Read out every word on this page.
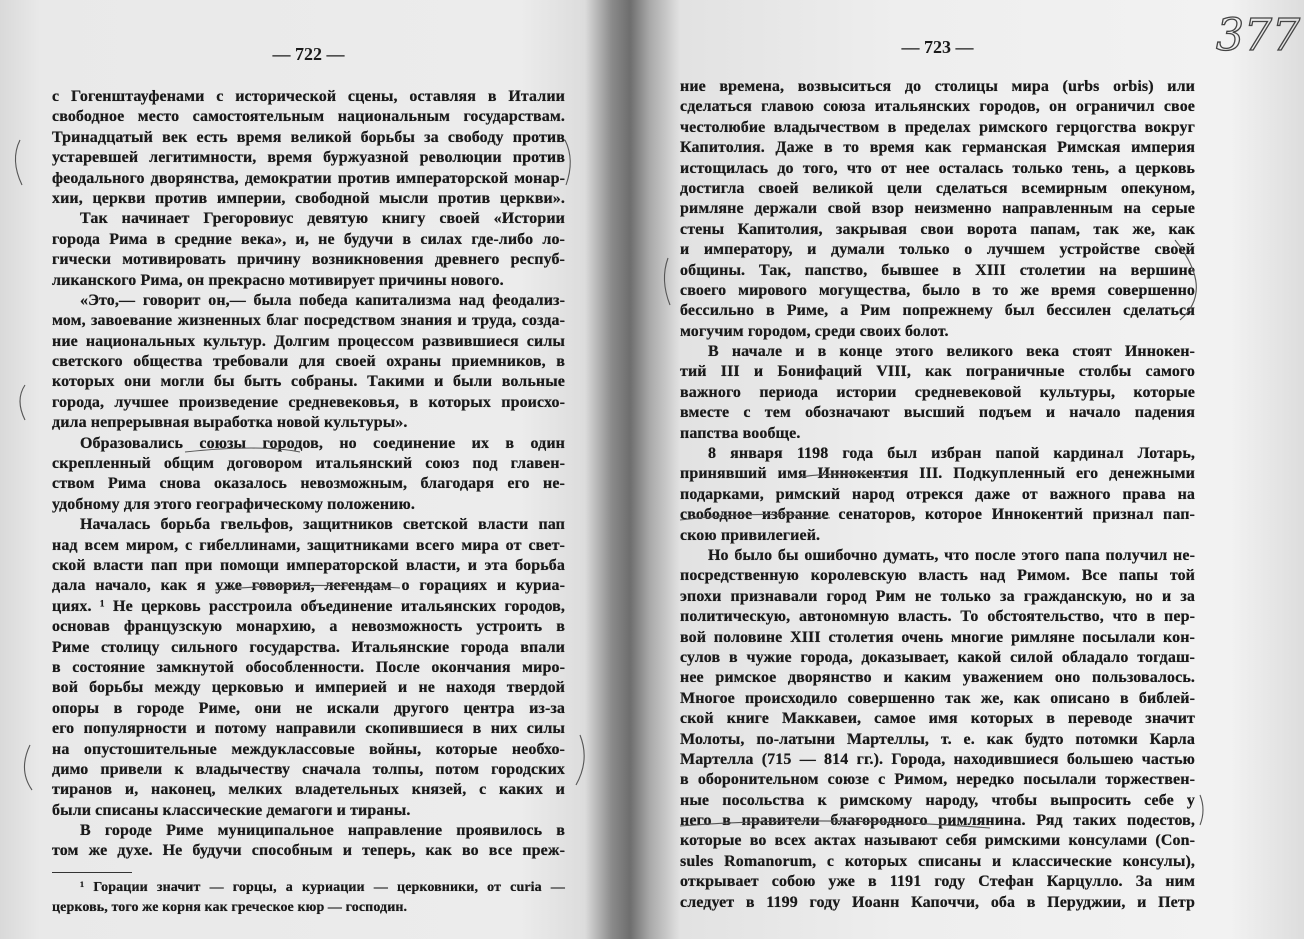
— 722 —
с Гогенштауфенами с исторической сцены, оставляя в Италии
свободное место самостоятельным национальным государствам.
Тринадцатый век есть время великой борьбы за свободу против
устаревшей легитимности, время буржуазной революции против
феодального дворянства, демократии против императорской монар-
хии, церкви против империи, свободной мысли против церкви».
Так начинает Грегоровиус девятую книгу своей «Истории
города Рима в средние века», и, не будучи в силах где-либо ло-
гически мотивировать причину возникновения древнего респуб-
ликанского Рима, он прекрасно мотивирует причины нового.
«Это,— говорит он,— была победа капитализма над феодализ-
мом, завоевание жизненных благ посредством знания и труда, созда-
ние национальных культур. Долгим процессом развившиеся силы
светского общества требовали для своей охраны приемников, в
которых они могли бы быть собраны. Такими и были вольные
города, лучшее произведение средневековья, в которых происхо-
дила непрерывная выработка новой культуры».
Образовались союзы городов, но соединение их в один
скрепленный общим договором итальянский союз под главен-
ством Рима снова оказалось невозможным, благодаря его не-
удобному для этого географическому положению.
Началась борьба гвельфов, защитников светской власти пап
над всем миром, с гибеллинами, защитниками всего мира от свет-
ской власти пап при помощи императорской власти, и эта борьба
дала начало, как я уже говорил, легендам о горациях и куриа-
циях. ¹ Не церковь расстроила объединение итальянских городов,
основав французскую монархию, а невозможность устроить в
Риме столицу сильного государства. Итальянские города впали
в состояние замкнутой обособленности. После окончания миро-
вой борьбы между церковью и империей и не находя твердой
опоры в городе Риме, они не искали другого центра из-за
его популярности и потому направили скопившиеся в них силы
на опустошительные междуклассовые войны, которые необхо-
димо привели к владычеству сначала толпы, потом городских
тиранов и, наконец, мелких владетельных князей, с каких и
были списаны классические демагоги и тираны.
В городе Риме муниципальное направление проявилось в
том же духе. Не будучи способным и теперь, как во все преж-
¹ Горации значит — горцы, а куриации — церковники, от curia —
церковь, того же корня как греческое кюр — господин.
— 723 —
ние времена, возвыситься до столицы мира (urbs orbis) или
сделаться главою союза итальянских городов, он ограничил свое
честолюбие владычеством в пределах римского герцогства вокруг
Капитолия. Даже в то время как германская Римская империя
истощилась до того, что от нее осталась только тень, а церковь
достигла своей великой цели сделаться всемирным опекуном,
римляне держали свой взор неизменно направленным на серые
стены Капитолия, закрывая свои ворота папам, так же, как
и императору, и думали только о лучшем устройстве своей
общины. Так, папство, бывшее в XIII столетии на вершине
своего мирового могущества, было в то же время совершенно
бессильно в Риме, а Рим попрежнему был бессилен сделаться
могучим городом, среди своих болот.
В начале и в конце этого великого века стоят Иннокен-
тий III и Бонифаций VIII, как пограничные столбы самого
важного периода истории средневековой культуры, которые
вместе с тем обозначают высший подъем и начало падения
папства вообще.
8 января 1198 года был избран папой кардинал Лотарь,
принявший имя Иннокентия III. Подкупленный его денежными
подарками, римский народ отрекся даже от важного права на
свободное избрание сенаторов, которое Иннокентий признал пап-
скою привилегией.
Но было бы ошибочно думать, что после этого папа получил не-
посредственную королевскую власть над Римом. Все папы той
эпохи признавали город Рим не только за гражданскую, но и за
политическую, автономную власть. То обстоятельство, что в пер-
вой половине XIII столетия очень многие римляне посылали кон-
сулов в чужие города, доказывает, какой силой обладало тогдаш-
нее римское дворянство и каким уважением оно пользовалось.
Многое происходило совершенно так же, как описано в библей-
ской книге Маккавеи, самое имя которых в переводе значит
Молоты, по-латыни Мартеллы, т. е. как будто потомки Карла
Мартелла (715 — 814 гг.). Города, находившиеся большею частью
в оборонительном союзе с Римом, нередко посылали торжествен-
ные посольства к римскому народу, чтобы выпросить себе у
него в правители благородного римлянина. Ряд таких подестов,
которые во всех актах называют себя римскими консулами (Con-
sules Romanorum, с которых списаны и классические консулы),
открывает собою уже в 1191 году Стефан Карцулло. За ним
следует в 1199 году Иоанн Капоччи, оба в Перуджии, и Петр
377
